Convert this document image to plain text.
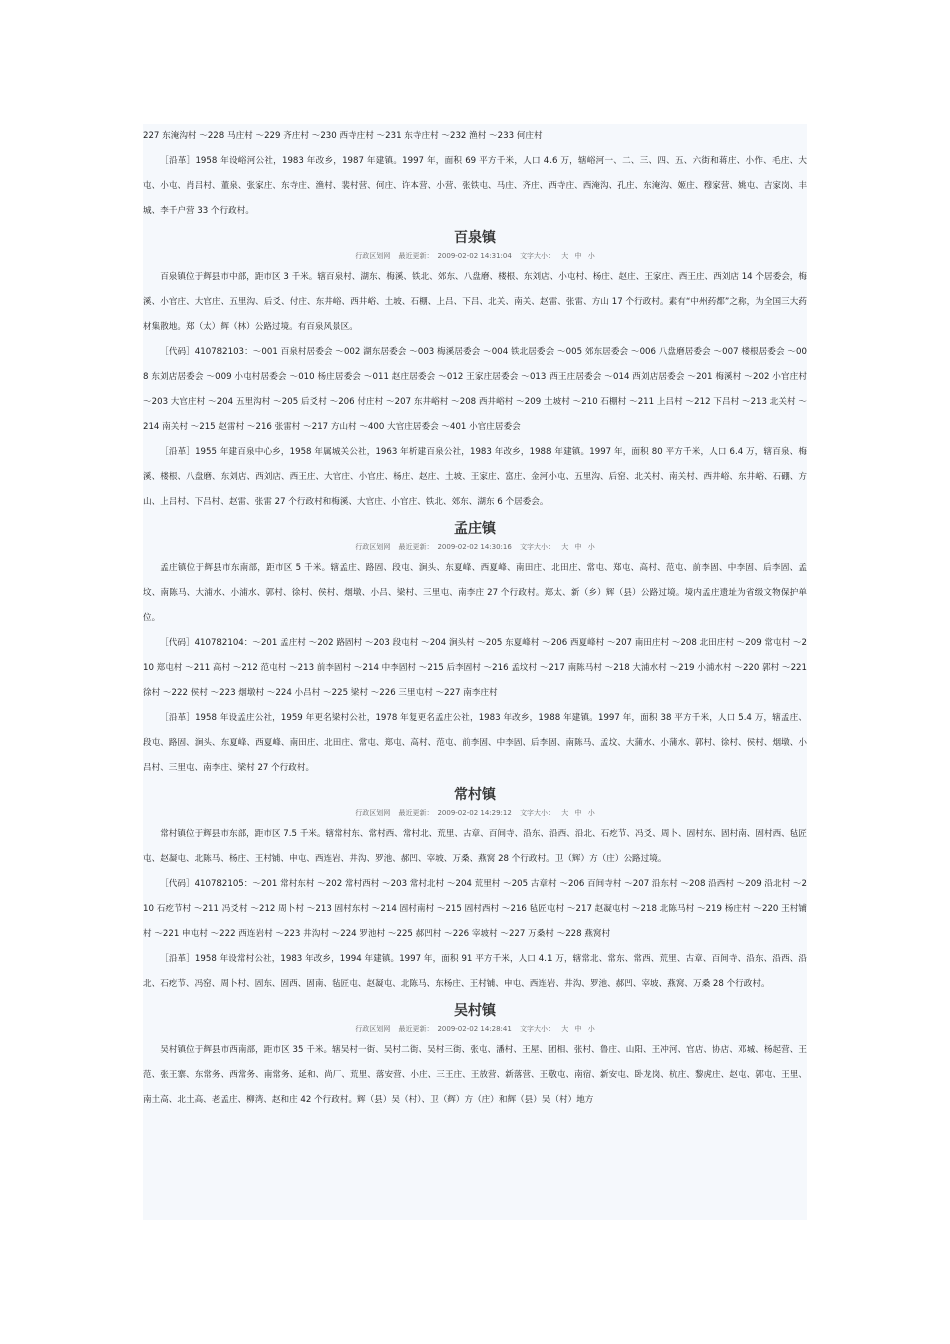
227 东淹沟村 ～228 马庄村 ～229 齐庄村 ～230 西寺庄村 ～231 东寺庄村 ～232 渔村 ～233 何庄村

［沿革］1958 年设峪河公社，1983 年改乡，1987 年建镇。1997 年，面积 69 平方千米，人口 4.6 万，辖峪河一、二、三、四、五、六街和蒋庄、小作、毛庄、大屯、小屯、肖吕村、董泉、张家庄、东寺庄、渔村、裴村营、何庄、许本营、小营、张铁屯、马庄、齐庄、西寺庄、西淹沟、孔庄、东淹沟、姬庄、穆家营、姚屯、吉家岗、丰城、李千户营 33 个行政村。

百泉镇
行政区划网 最近更新： 2009-02-02 14:31:04 文字大小： 大 中 小

百泉镇位于辉县市中部，距市区 3 千米。辖百泉村、湖东、梅溪、铁北、郊东、八盘磨、楼根、东刘店、小屯村、杨庄、赵庄、王家庄、西王庄、西刘店 14 个居委会，梅溪、小官庄、大官庄、五里沟、后爻、付庄、东井峪、西井峪、土坡、石棚、上吕、下吕、北关、南关、赵雷、张雷、方山 17 个行政村。素有“中州药都”之称，为全国三大药材集散地。郑（太）辉（林）公路过境。有百泉风景区。

［代码］410782103：～001 百泉村居委会 ～002 湖东居委会 ～003 梅溪居委会 ～004 铁北居委会 ～005 郊东居委会 ～006 八盘磨居委会 ～007 楼根居委会 ～008 东刘店居委会 ～009 小屯村居委会 ～010 杨庄居委会 ～011 赵庄居委会 ～012 王家庄居委会 ～013 西王庄居委会 ～014 西刘店居委会 ～201 梅溪村 ～202 小官庄村 ～203 大官庄村 ～204 五里沟村 ～205 后爻村 ～206 付庄村 ～207 东井峪村 ～208 西井峪村 ～209 土坡村 ～210 石棚村 ～211 上吕村 ～212 下吕村 ～213 北关村 ～214 南关村 ～215 赵雷村 ～216 张雷村 ～217 方山村 ～400 大官庄居委会 ～401 小官庄居委会

［沿革］1955 年建百泉中心乡，1958 年属城关公社，1963 年析建百泉公社，1983 年改乡，1988 年建镇。1997 年，面积 80 平方千米，人口 6.4 万，辖百泉、梅溪、楼根、八盘磨、东刘店、西刘店、西王庄、大官庄、小官庄、杨庄、赵庄、土坡、王家庄、富庄、金河小屯、五里沟、后窑、北关村、南关村、西井峪、东井峪、石硼、方山、上吕村、下吕村、赵雷、张雷 27 个行政村和梅溪、大官庄、小官庄、铁北、郊东、湖东 6 个居委会。

孟庄镇
行政区划网 最近更新： 2009-02-02 14:30:16 文字大小： 大 中 小

孟庄镇位于辉县市东南部，距市区 5 千米。辖孟庄、路固、段屯、涧头、东夏峰、西夏峰、南田庄、北田庄、常屯、郑屯、高村、范屯、前李固、中李固、后李固、孟坟、南陈马、大浦水、小浦水、郭村、徐村、侯村、烟墩、小吕、梁村、三里屯、南李庄 27 个行政村。郑太、新（乡）辉（县）公路过境。境内孟庄遗址为省级文物保护单位。

［代码］410782104：～201 孟庄村 ～202 路固村 ～203 段屯村 ～204 涧头村 ～205 东夏峰村 ～206 西夏峰村 ～207 南田庄村 ～208 北田庄村 ～209 常屯村 ～210 郑屯村 ～211 高村 ～212 范屯村 ～213 前李固村 ～214 中李固村 ～215 后李固村 ～216 孟坟村 ～217 南陈马村 ～218 大浦水村 ～219 小浦水村 ～220 郭村 ～221 徐村 ～222 侯村 ～223 烟墩村 ～224 小吕村 ～225 梁村 ～226 三里屯村 ～227 南李庄村

［沿革］1958 年设孟庄公社，1959 年更名梁村公社，1978 年复更名孟庄公社，1983 年改乡，1988 年建镇。1997 年，面积 38 平方千米，人口 5.4 万，辖孟庄、段屯、路固、涧头、东夏峰、西夏峰、南田庄、北田庄、常屯、郑屯、高村、范屯、前李固、中李固、后李固、南陈马、孟坟、大蒲水、小蒲水、郭村、徐村、侯村、烟墩、小吕村、三里屯、南李庄、梁村 27 个行政村。

常村镇
行政区划网 最近更新： 2009-02-02 14:29:12 文字大小： 大 中 小

常村镇位于辉县市东部，距市区 7.5 千米。辖常村东、常村西、常村北、荒里、古章、百间寺、沿东、沿西、沿北、石疙节、冯爻、周卜、固村东、固村南、固村西、毡匠屯、赵凝屯、北陈马、杨庄、王村铺、申屯、西连岩、井沟、罗池、郝凹、宰坡、万桑、燕窝 28 个行政村。卫（辉）方（庄）公路过境。

［代码］410782105：～201 常村东村 ～202 常村西村 ～203 常村北村 ～204 荒里村 ～205 古章村 ～206 百间寺村 ～207 沿东村 ～208 沿西村 ～209 沿北村 ～210 石疙节村 ～211 冯爻村 ～212 周卜村 ～213 固村东村 ～214 固村南村 ～215 固村西村 ～216 毡匠屯村 ～217 赵凝屯村 ～218 北陈马村 ～219 杨庄村 ～220 王村铺村 ～221 申屯村 ～222 西连岩村 ～223 井沟村 ～224 罗池村 ～225 郝凹村 ～226 宰坡村 ～227 万桑村 ～228 燕窝村

［沿革］1958 年设常村公社，1983 年改乡，1994 年建镇。1997 年，面积 91 平方千米，人口 4.1 万，辖常北、常东、常西、荒里、古章、百间寺、沿东、沿西、沿北、石疙节、冯窑、周卜村、固东、固西、固南、毡匠屯、赵凝屯、北陈马、东杨庄、王村铺、申屯、西连岩、井沟、罗池、郝凹、宰坡、燕窝、万桑 28 个行政村。

吴村镇
行政区划网 最近更新： 2009-02-02 14:28:41 文字大小： 大 中 小

吴村镇位于辉县市西南部，距市区 35 千米。辖吴村一街、吴村二街、吴村三街、张屯、潘村、王屋、团相、张村、鲁庄、山阳、王冲河、官店、协店、邓城、杨起营、王范、张王寨、东常务、西常务、南常务、延和、尚厂、荒里、落安营、小庄、三王庄、王放营、新落营、王敬屯、南宿、新安屯、卧龙岗、杭庄、黎虎庄、赵屯、郭屯、王里、南土高、北土高、老孟庄、柳湾、赵和庄 42 个行政村。辉（县）吴（村）、卫（辉）方（庄）和辉（县）吴（村）地方
